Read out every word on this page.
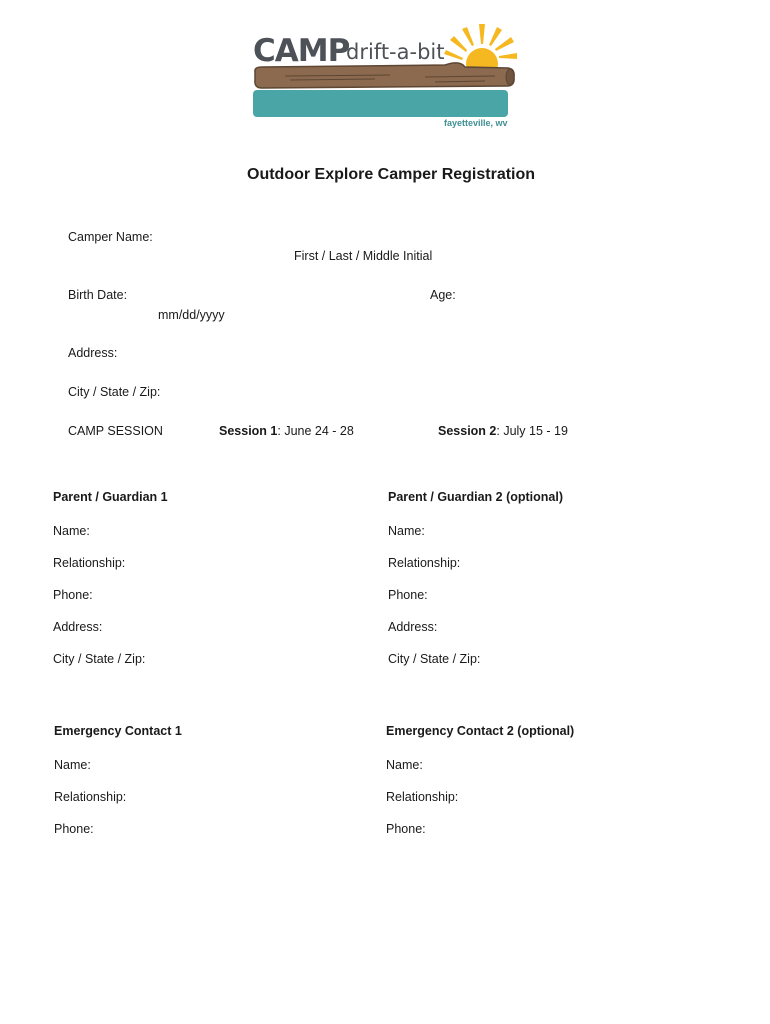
CAMP
drift-a-bit
fayetteville, wv
Outdoor Explore Camper Registration
Camper Name:
First / Last / Middle Initial
Birth Date:	Age:
mm/dd/yyyy
Address:
City / State / Zip:
CAMP SESSION	Session 1: June 24 - 28	Session 2: July 15 - 19
Parent / Guardian 1
Name:
Relationship:
Phone:
Address:
City / State / Zip:
Parent / Guardian 2 (optional)
Name:
Relationship:
Phone:
Address:
City / State / Zip:
Emergency Contact 1
Name:
Relationship:
Phone:
Emergency Contact 2 (optional)
Name:
Relationship:
Phone:
